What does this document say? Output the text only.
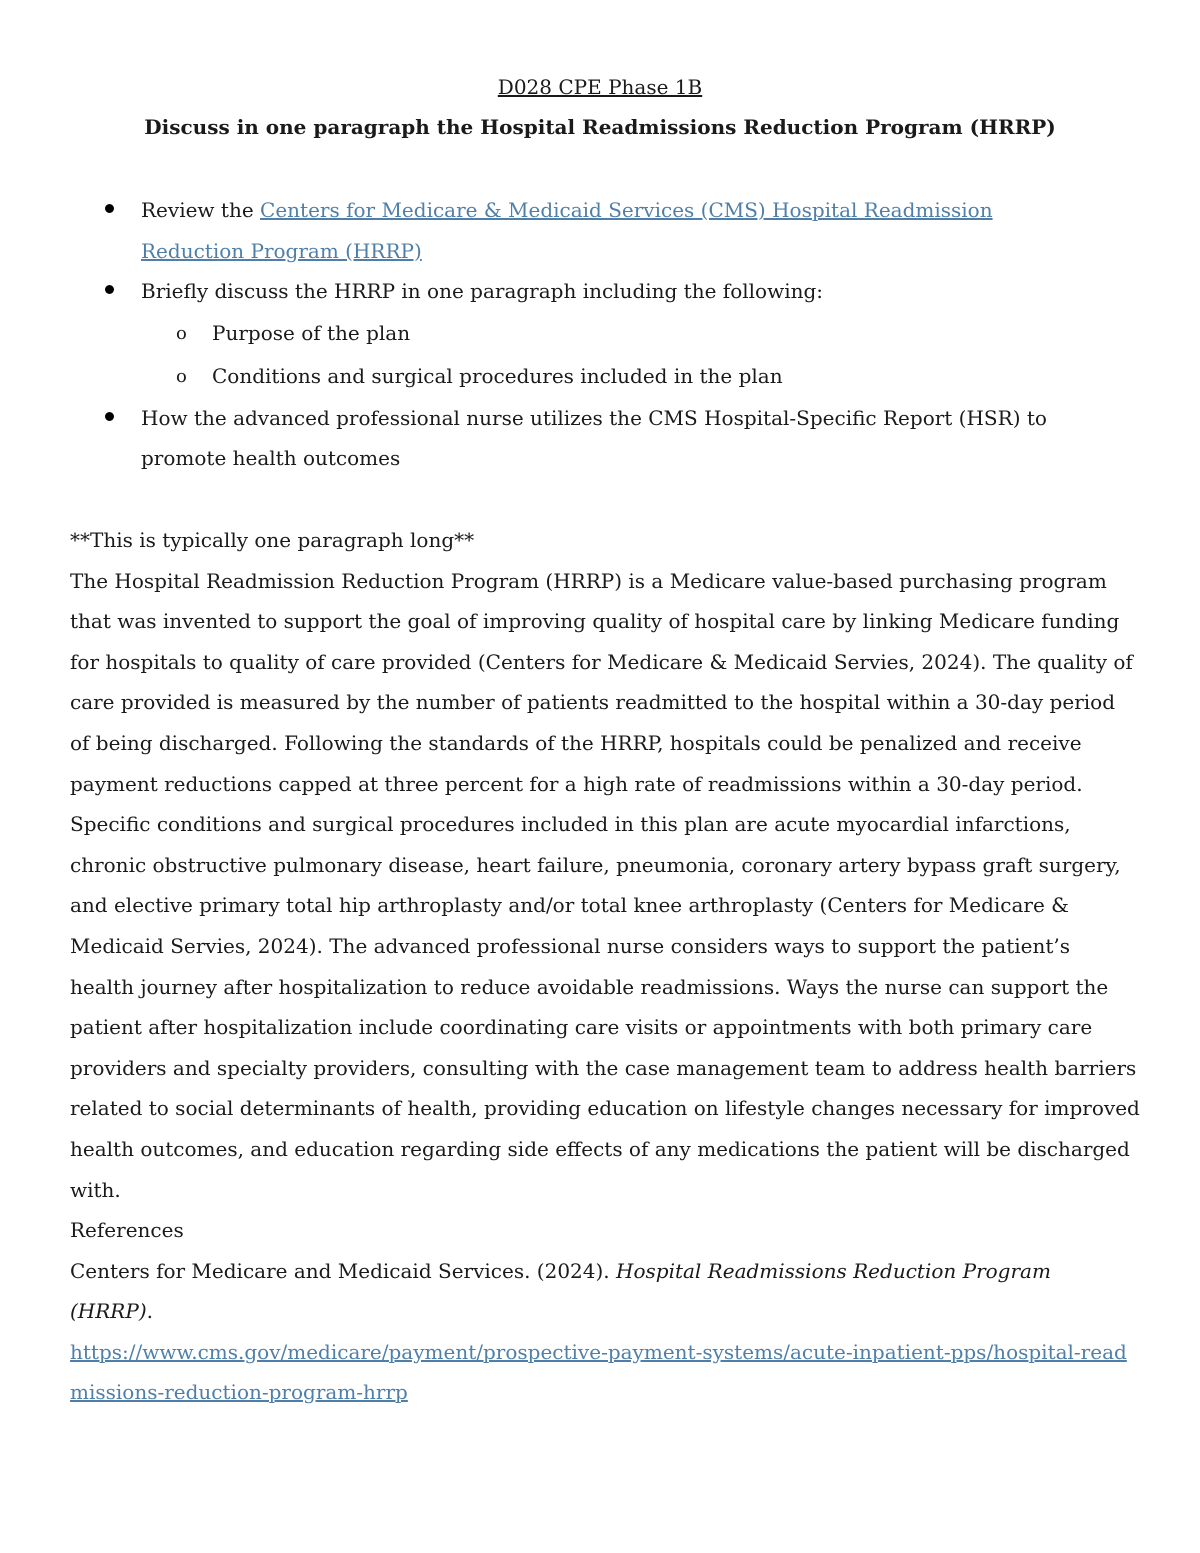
D028 CPE Phase 1B
Discuss in one paragraph the Hospital Readmissions Reduction Program (HRRP)
Review the Centers for Medicare & Medicaid Services (CMS) Hospital Readmission Reduction Program (HRRP)
Briefly discuss the HRRP in one paragraph including the following:
o Purpose of the plan
o Conditions and surgical procedures included in the plan
How the advanced professional nurse utilizes the CMS Hospital-Specific Report (HSR) to promote health outcomes

**This is typically one paragraph long**

The Hospital Readmission Reduction Program (HRRP) is a Medicare value-based purchasing program that was invented to support the goal of improving quality of hospital care by linking Medicare funding for hospitals to quality of care provided (Centers for Medicare & Medicaid Servies, 2024). The quality of care provided is measured by the number of patients readmitted to the hospital within a 30-day period of being discharged. Following the standards of the HRRP, hospitals could be penalized and receive payment reductions capped at three percent for a high rate of readmissions within a 30-day period. Specific conditions and surgical procedures included in this plan are acute myocardial infarctions, chronic obstructive pulmonary disease, heart failure, pneumonia, coronary artery bypass graft surgery, and elective primary total hip arthroplasty and/or total knee arthroplasty (Centers for Medicare & Medicaid Servies, 2024). The advanced professional nurse considers ways to support the patient’s health journey after hospitalization to reduce avoidable readmissions. Ways the nurse can support the patient after hospitalization include coordinating care visits or appointments with both primary care providers and specialty providers, consulting with the case management team to address health barriers related to social determinants of health, providing education on lifestyle changes necessary for improved health outcomes, and education regarding side effects of any medications the patient will be discharged with.

References

Centers for Medicare and Medicaid Services. (2024). Hospital Readmissions Reduction Program (HRRP).
https://www.cms.gov/medicare/payment/prospective-payment-systems/acute-inpatient-pps/hospital-readmissions-reduction-program-hrrp
